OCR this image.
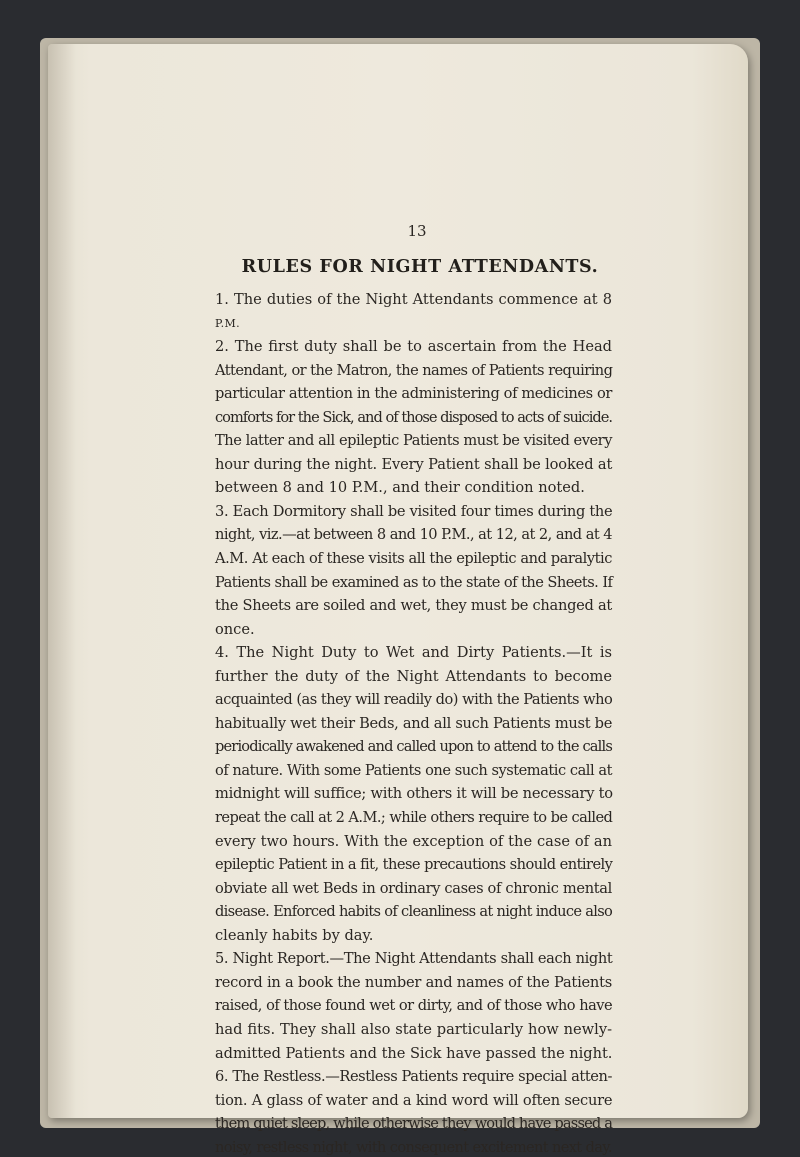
13
RULES FOR NIGHT ATTENDANTS.
1. The duties of the Night Attendants commence at 8
P.M.
2. The first duty shall be to ascertain from the Head
Attendant, or the Matron, the names of Patients requiring
particular attention in the administering of medicines or
comforts for the Sick, and of those disposed to acts of suicide.
The latter and all epileptic Patients must be visited every
hour during the night. Every Patient shall be looked at
between 8 and 10 P.M., and their condition noted.
3. Each Dormitory shall be visited four times during the
night, viz.—at between 8 and 10 P.M., at 12, at 2, and at 4
A.M. At each of these visits all the epileptic and paralytic
Patients shall be examined as to the state of the Sheets. If
the Sheets are soiled and wet, they must be changed at
once.
4. The Night Duty to Wet and Dirty Patients.—It is
further the duty of the Night Attendants to become
acquainted (as they will readily do) with the Patients who
habitually wet their Beds, and all such Patients must be
periodically awakened and called upon to attend to the calls
of nature. With some Patients one such systematic call at
midnight will suffice; with others it will be necessary to
repeat the call at 2 A.M.; while others require to be called
every two hours. With the exception of the case of an
epileptic Patient in a fit, these precautions should entirely
obviate all wet Beds in ordinary cases of chronic mental
disease. Enforced habits of cleanliness at night induce also
cleanly habits by day.
5. Night Report.—The Night Attendants shall each night
record in a book the number and names of the Patients
raised, of those found wet or dirty, and of those who have
had fits. They shall also state particularly how newly-
admitted Patients and the Sick have passed the night.
6. The Restless.—Restless Patients require special atten-
tion. A glass of water and a kind word will often secure
them quiet sleep, while otherwise they would have passed a
noisy, restless night, with consequent excitement next day.
